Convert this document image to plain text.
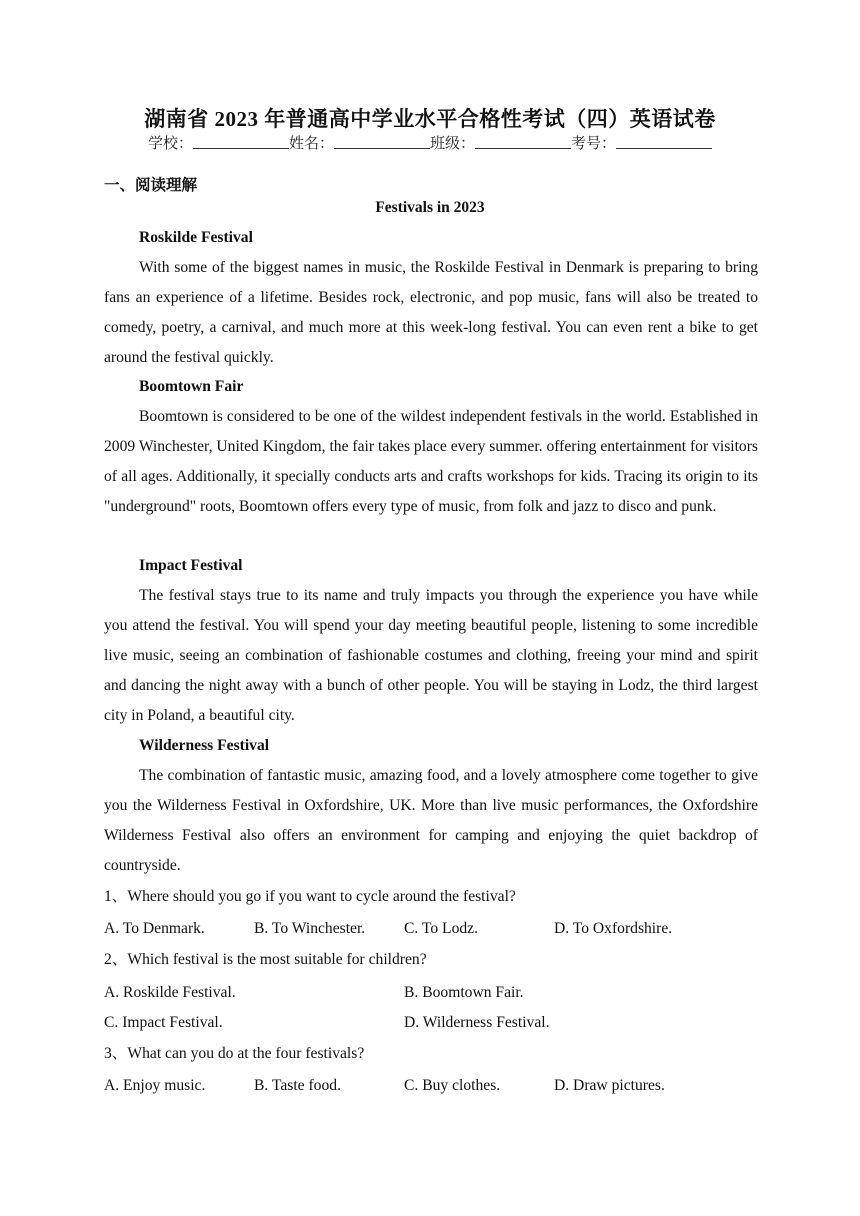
湖南省 2023 年普通高中学业水平合格性考试（四）英语试卷
学校：	姓名：	班级：	考号：
一、阅读理解
Festivals in 2023
Roskilde Festival

With some of the biggest names in music, the Roskilde Festival in Denmark is preparing to bring fans an experience of a lifetime. Besides rock, electronic, and pop music, fans will also be treated to comedy, poetry, a carnival, and much more at this week-long festival. You can even rent a bike to get around the festival quickly.

Boomtown Fair

Boomtown is considered to be one of the wildest independent festivals in the world. Established in 2009 Winchester, United Kingdom, the fair takes place every summer. offering entertainment for visitors of all ages. Additionally, it specially conducts arts and crafts workshops for kids. Tracing its origin to its "underground" roots, Boomtown offers every type of music, from folk and jazz to disco and punk.

Impact Festival

The festival stays true to its name and truly impacts you through the experience you have while you attend the festival. You will spend your day meeting beautiful people, listening to some incredible live music, seeing an combination of fashionable costumes and clothing, freeing your mind and spirit and dancing the night away with a bunch of other people. You will be staying in Lodz, the third largest city in Poland, a beautiful city.

Wilderness Festival

The combination of fantastic music, amazing food, and a lovely atmosphere come together to give you the Wilderness Festival in Oxfordshire, UK. More than live music performances, the Oxfordshire Wilderness Festival also offers an environment for camping and enjoying the quiet backdrop of countryside.

1、Where should you go if you want to cycle around the festival?
A. To Denmark.	B. To Winchester. C. To Lodz.	D. To Oxfordshire.
2、Which festival is the most suitable for children?
A. Roskilde Festival.	B. Boomtown Fair.
C. Impact Festival.	D. Wilderness Festival.
3、What can you do at the four festivals?
A. Enjoy music.	B. Taste food.	C. Buy clothes.	D. Draw pictures.
